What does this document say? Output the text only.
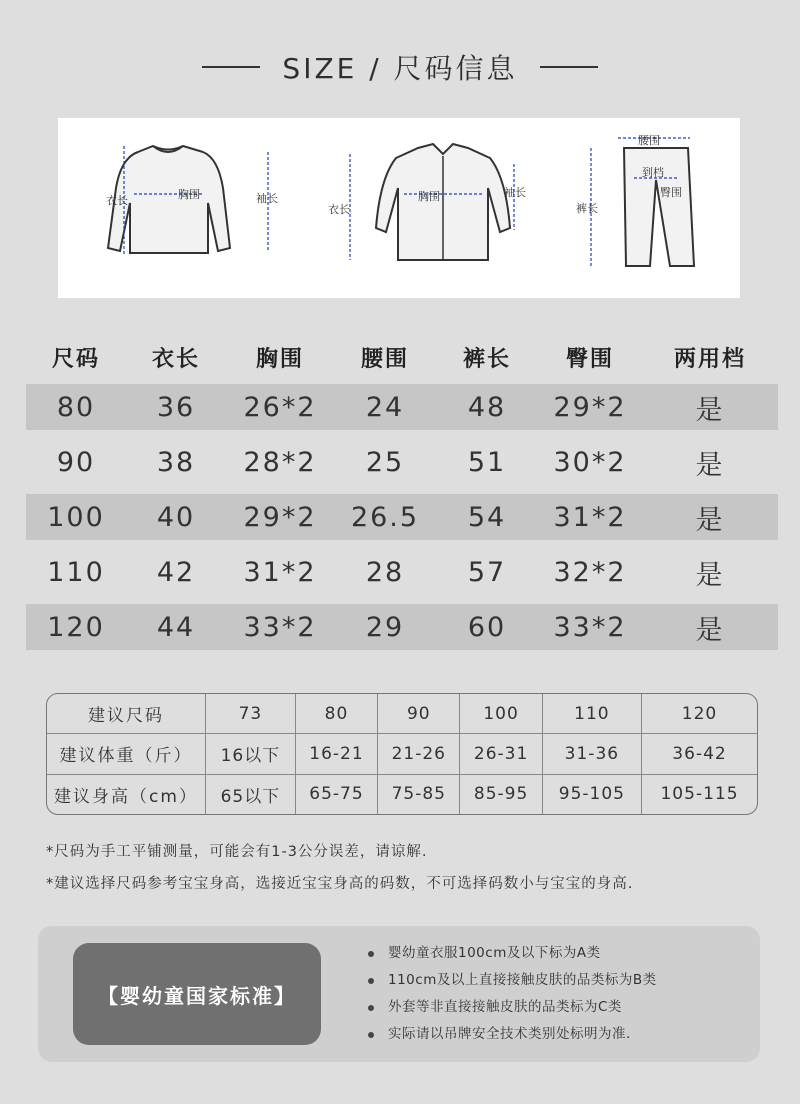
SIZE / 尺码信息
衣长	胸围	袖长
衣长
胸围	袖长
腰围
到档
臀围
裤长
尺码	衣长	胸围	腰围	裤长	臀围	两用档
80	36	26*2	24	48	29*2	是
90	38	28*2	25	51	30*2	是
100	40	29*2	26.5	54	31*2	是
110	42	31*2	28	57	32*2	是
120	44	33*2	29	60	33*2	是
建议尺码	73	80	90	100	110	120
建议体重（斤）	16以下	16-21	21-26	26-31	31-36	36-42
建议身高（cm）	65以下	65-75	75-85	85-95	95-105	105-115

*尺码为手工平铺测量，可能会有1-3公分误差，请谅解.

*建议选择尺码参考宝宝身高，选接近宝宝身高的码数，不可选择码数小与宝宝的身高.

【婴幼童国家标准】
婴幼童衣服100cm及以下标为A类
110cm及以上直接接触皮肤的品类标为B类
外套等非直接接触皮肤的品类标为C类
实际请以吊牌安全技术类别处标明为准.
